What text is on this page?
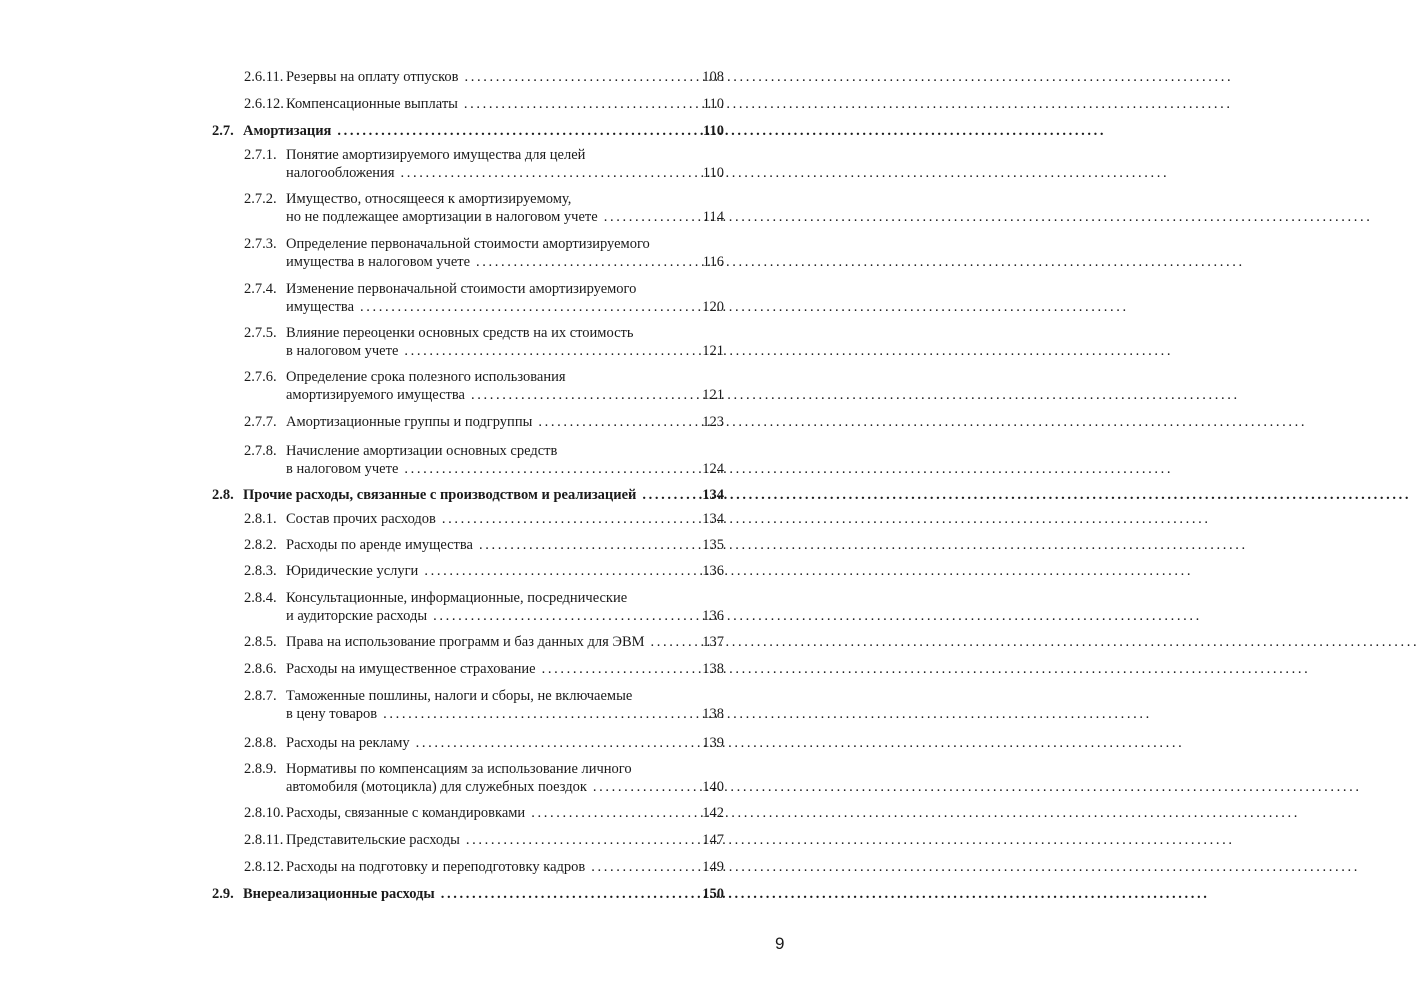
2.6.11. Резервы на оплату отпусков . . .	108
2.6.12. Компенсационные выплаты . . .	110
2.7. Амортизация . . .	110
2.7.1. Понятие амортизируемого имущества для целей
налогообложения . . .	110
2.7.2. Имущество, относящееся к амортизируемому,
но не подлежащее амортизации в налоговом учете . . .	114
2.7.3. Определение первоначальной стоимости амортизируемого
имущества в налоговом учете . . .	116
2.7.4. Изменение первоначальной стоимости амортизируемого
имущества . . .	120
2.7.5. Влияние переоценки основных средств на их стоимость
в налоговом учете . . .	121
2.7.6. Определение срока полезного использования
амортизируемого имущества . . .	121
2.7.7. Амортизационные группы и подгруппы . . .	123
2.7.8. Начисление амортизации основных средств
в налоговом учете . . .	124
2.8. Прочие расходы, связанные с производством и реализацией . . .	134
2.8.1. Состав прочих расходов . . .	134
2.8.2. Расходы по аренде имущества . . .	135
2.8.3. Юридические услуги . . .	136
2.8.4. Консультационные, информационные, посреднические
и аудиторские расходы . . .	136
2.8.5. Права на использование программ и баз данных для ЭВМ . . .	137
2.8.6. Расходы на имущественное страхование . . .	138
2.8.7. Таможенные пошлины, налоги и сборы, не включаемые
в цену товаров . . .	138
2.8.8. Расходы на рекламу . . .	139
2.8.9. Нормативы по компенсациям за использование личного
автомобиля (мотоцикла) для служебных поездок . . .	140
2.8.10. Расходы, связанные с командировками . . .	142
2.8.11. Представительские расходы . . .	147
2.8.12. Расходы на подготовку и переподготовку кадров . . .	149
2.9. Внереализационные расходы . . .	150
9
